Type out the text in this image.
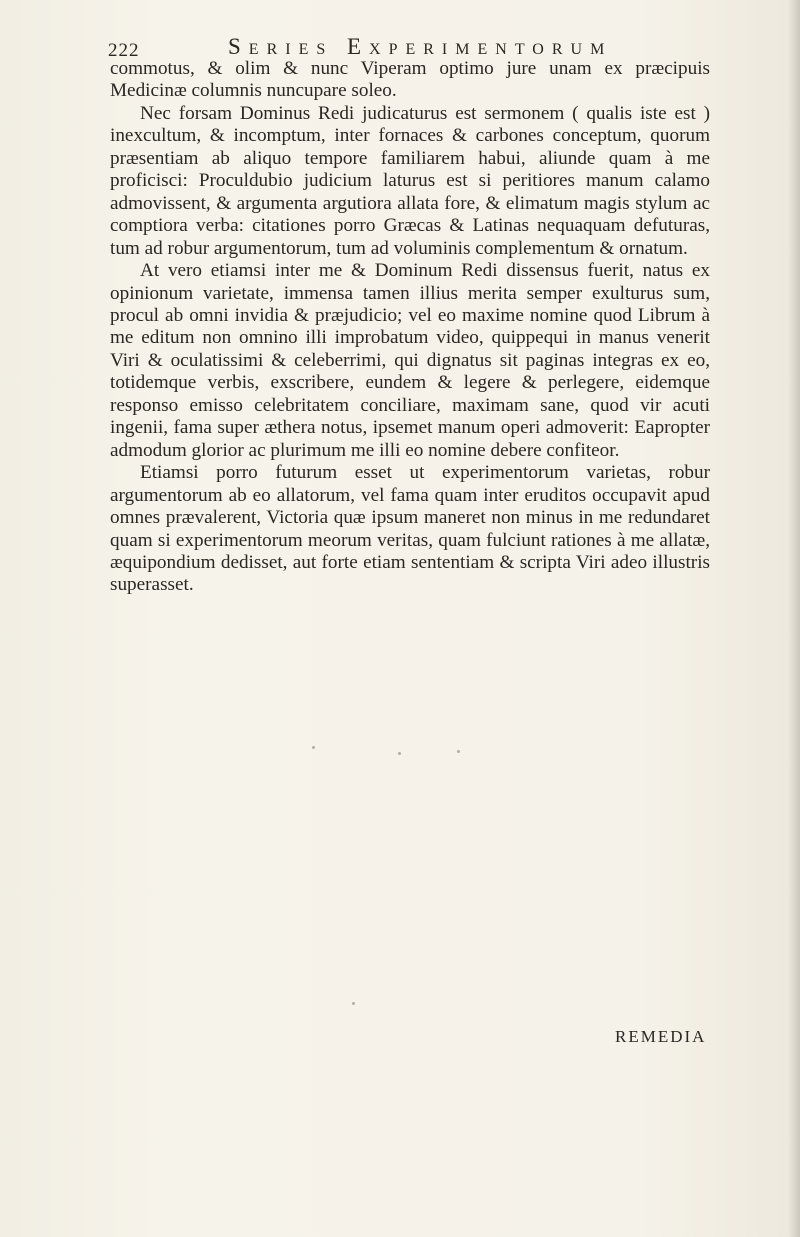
222	Series Experimentorum

commotus, & olim & nunc Viperam optimo jure unam ex præcipuis Medicinæ columnis nuncupare soleo.

Nec forsam Dominus Redi judicaturus est sermonem ( qualis iste est ) inexcultum, & incomptum, inter fornaces & carbones conceptum, quorum præsentiam ab aliquo tempore familiarem habui, aliunde quam à me proficisci: Proculdubio judicium laturus est si peritiores manum calamo admovissent, & argumenta argutiora allata fore, & elimatum magis stylum ac comptiora verba: citationes porro Græcas & Latinas nequaquam defuturas, tum ad robur argumentorum, tum ad voluminis complementum & ornatum.

At vero etiamsi inter me & Dominum Redi dissensus fuerit, natus ex opinionum varietate, immensa tamen illius merita semper exulturus sum, procul ab omni invidia & præjudicio; vel eo maxime nomine quod Librum à me editum non omnino illi improbatum video, quippequi in manus venerit Viri & oculatissimi & celeberrimi, qui dignatus sit paginas integras ex eo, totidemque verbis, exscribere, eundem & legere & perlegere, eidemque responso emisso celebritatem conciliare, maximam sane, quod vir acuti ingenii, fama super æthera notus, ipsemet manum operi admoverit: Eapropter admodum glorior ac plurimum me illi eo nomine debere confiteor.

Etiamsi porro futurum esset ut experimentorum varietas, robur argumentorum ab eo allatorum, vel fama quam inter eruditos occupavit apud omnes prævalerent, Victoria quæ ipsum maneret non minus in me redundaret quam si experimentorum meorum veritas, quam fulciunt rationes à me allatæ, æquipondium dedisset, aut forte etiam sententiam & scripta Viri adeo illustris superasset.

REMEDIA
